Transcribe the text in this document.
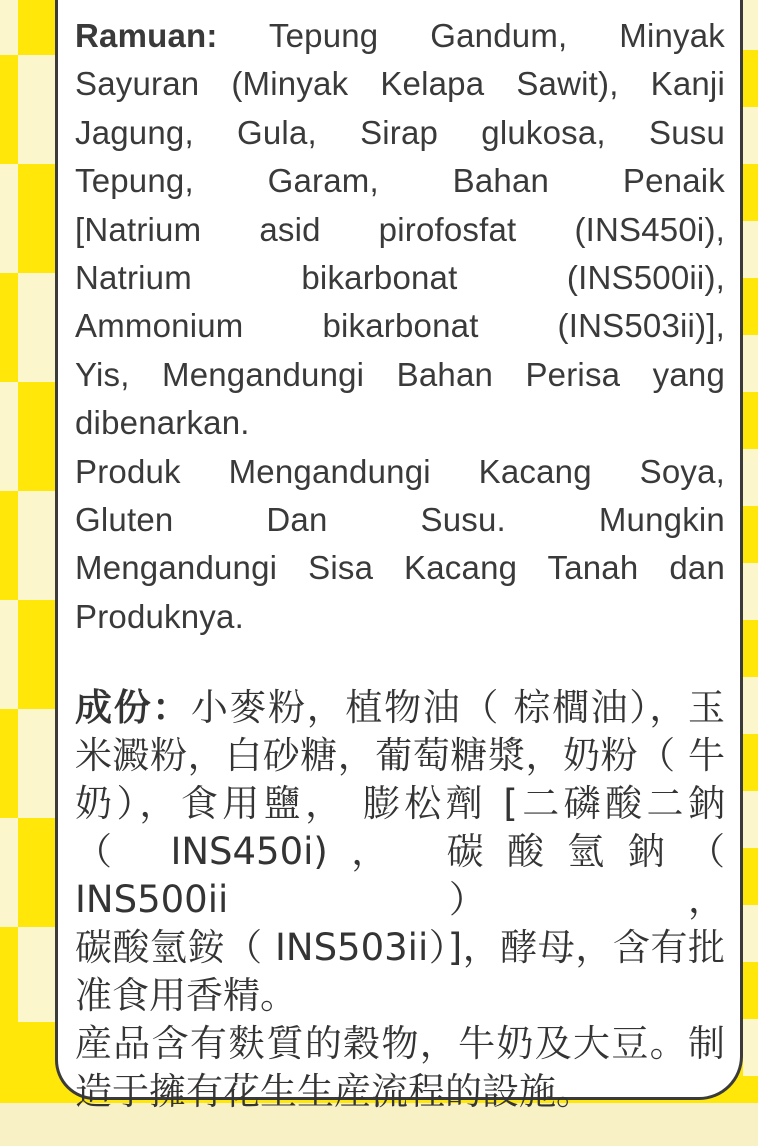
Ramuan: Tepung Gandum, Minyak
Sayuran (Minyak Kelapa Sawit), Kanji
Jagung, Gula, Sirap glukosa, Susu
Tepung, Garam, Bahan Penaik
[Natrium asid pirofosfat (INS450i),
Natrium bikarbonat (INS500ii),
Ammonium bikarbonat (INS503ii)],
Yis, Mengandungi Bahan Perisa yang
dibenarkan.
Produk Mengandungi Kacang Soya,
Gluten Dan Susu. Mungkin
Mengandungi Sisa Kacang Tanah dan
Produknya.
成份：小麥粉，植物油（ 棕櫚油），玉
米澱粉，白砂糖，葡萄糖漿，奶粉（ 牛
奶），食用鹽， 膨松劑 [二磷酸二鈉
（ INS450i)， 碳酸氫鈉（ INS500ii），
碳酸氫銨（ INS503ii）]，酵母，含有批
准食用香精。
産品含有麩質的穀物，牛奶及大豆。制
造于擁有花生生産流程的設施。
